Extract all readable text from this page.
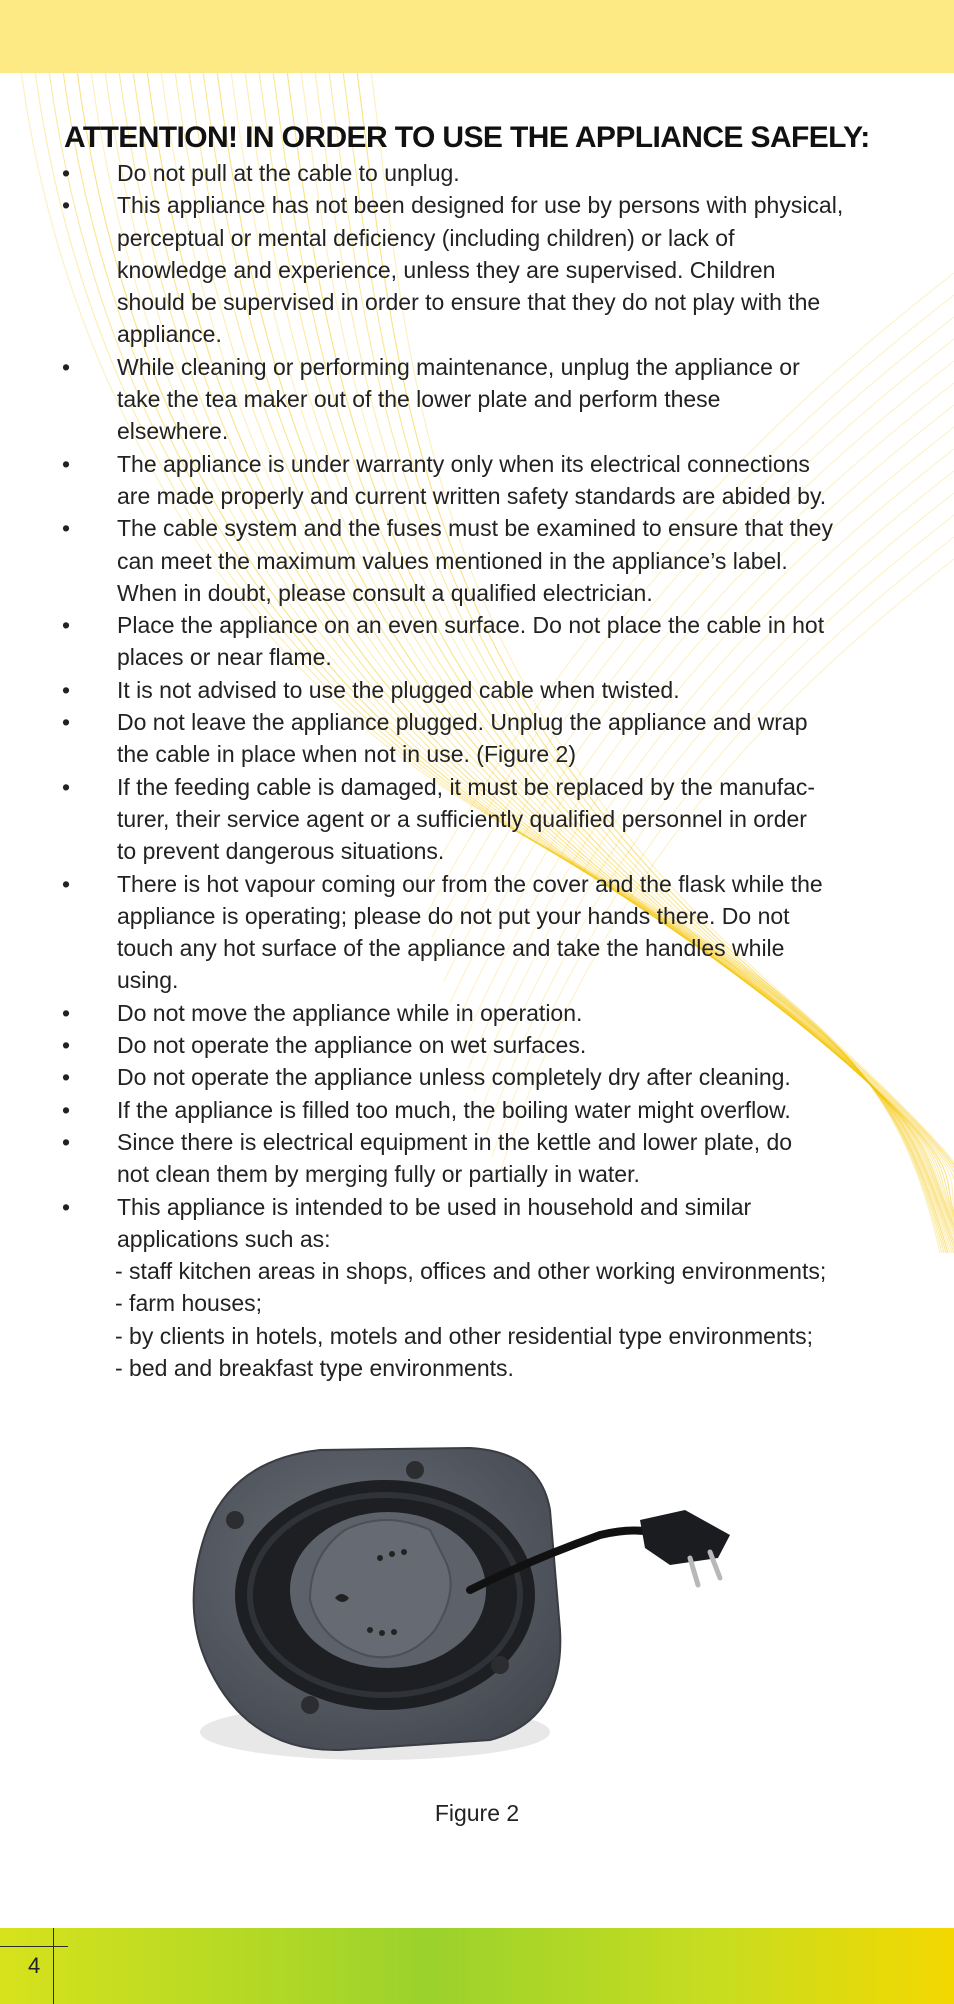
ATTENTION! IN ORDER TO USE THE APPLIANCE SAFELY:
• Do not pull at the cable to unplug.
• This appliance has not been designed for use by persons with physical,
perceptual or mental deficiency (including children) or lack of
knowledge and experience, unless they are supervised. Children
should be supervised in order to ensure that they do not play with the
appliance.
• While cleaning or performing maintenance, unplug the appliance or
take the tea maker out of the lower plate and perform these
elsewhere.
• The appliance is under warranty only when its electrical connections
are made properly and current written safety standards are abided by.
• The cable system and the fuses must be examined to ensure that they
can meet the maximum values mentioned in the appliance’s label.
When in doubt, please consult a qualified electrician.
• Place the appliance on an even surface. Do not place the cable in hot
places or near flame.
• It is not advised to use the plugged cable when twisted.
• Do not leave the appliance plugged. Unplug the appliance and wrap
the cable in place when not in use. (Figure 2)
• If the feeding cable is damaged, it must be replaced by the manufac-
turer, their service agent or a sufficiently qualified personnel in order
to prevent dangerous situations.
• There is hot vapour coming our from the cover and the flask while the
appliance is operating; please do not put your hands there. Do not
touch any hot surface of the appliance and take the handles while
using.
• Do not move the appliance while in operation.
• Do not operate the appliance on wet surfaces.
• Do not operate the appliance unless completely dry after cleaning.
• If the appliance is filled too much, the boiling water might overflow.
• Since there is electrical equipment in the kettle and lower plate, do
not clean them by merging fully or partially in water.
• This appliance is intended to be used in household and similar
applications such as:
- staff kitchen areas in shops, offices and other working environments;
- farm houses;
- by clients in hotels, motels and other residential type environments;
- bed and breakfast type environments.
Figure 2
4
